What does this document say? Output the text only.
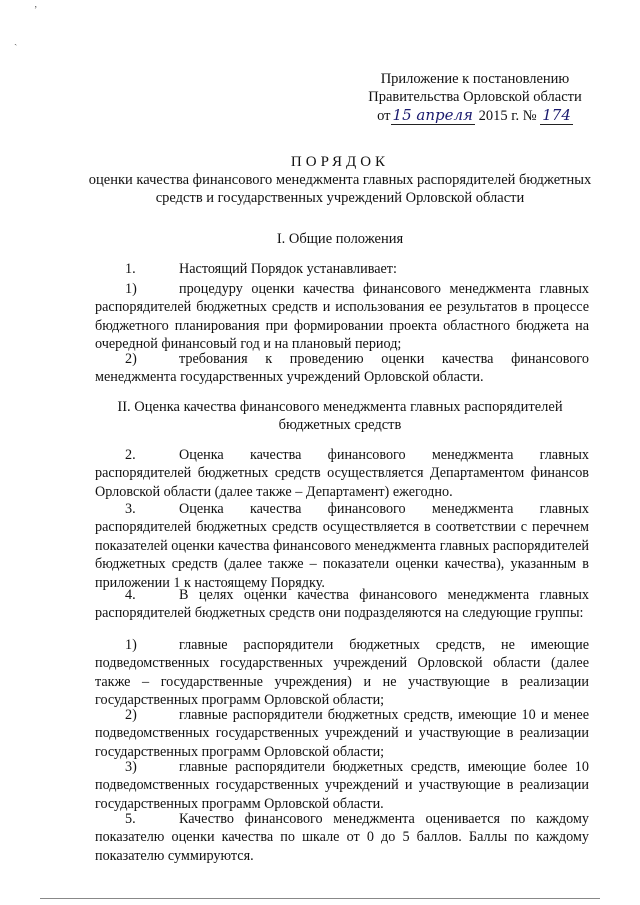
ʼ
ˏ
Приложение к постановлению
Правительства Орловской области
от 15 апреля 2015 г. № 174
ПОРЯДОК
оценки качества финансового менеджмента главных распорядителей бюджетных средств и государственных учреждений Орловской области
I. Общие положения
1.	Настоящий Порядок устанавливает:
1)	процедуру оценки качества финансового менеджмента главных распорядителей бюджетных средств и использования ее результатов в процессе бюджетного планирования при формировании проекта областного бюджета на очередной финансовый год и на плановый период;
2)	требования к проведению оценки качества финансового менеджмента государственных учреждений Орловской области.
II. Оценка качества финансового менеджмента главных распорядителей бюджетных средств
2.	Оценка качества финансового менеджмента главных распорядителей бюджетных средств осуществляется Департаментом финансов Орловской области (далее также – Департамент) ежегодно.
3.	Оценка качества финансового менеджмента главных распорядителей бюджетных средств осуществляется в соответствии с перечнем показателей оценки качества финансового менеджмента главных распорядителей бюджетных средств (далее также – показатели оценки качества), указанным в приложении 1 к настоящему Порядку.
4.	В целях оценки качества финансового менеджмента главных распорядителей бюджетных средств они подразделяются на следующие группы:
1)	главные распорядители бюджетных средств, не имеющие подведомственных государственных учреждений Орловской области (далее также – государственные учреждения) и не участвующие в реализации государственных программ Орловской области;
2)	главные распорядители бюджетных средств, имеющие 10 и менее подведомственных государственных учреждений и участвующие в реализации государственных программ Орловской области;
3)	главные распорядители бюджетных средств, имеющие более 10 подведомственных государственных учреждений и участвующие в реализации государственных программ Орловской области.
5.	Качество финансового менеджмента оценивается по каждому показателю оценки качества по шкале от 0 до 5 баллов. Баллы по каждому показателю суммируются.
